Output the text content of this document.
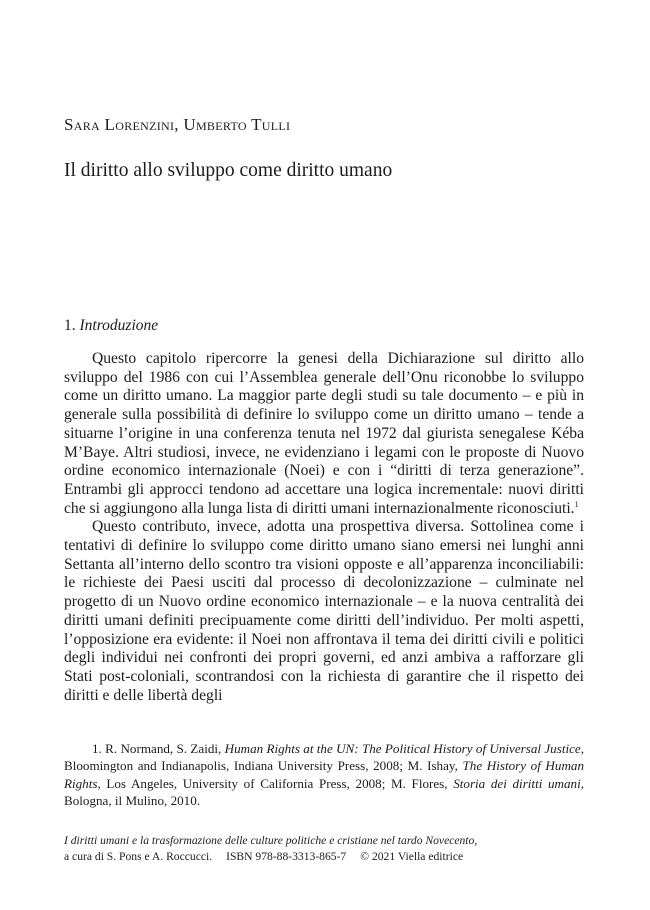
Sara Lorenzini, Umberto Tulli
Il diritto allo sviluppo come diritto umano
1. Introduzione

Questo capitolo ripercorre la genesi della Dichiarazione sul diritto allo sviluppo del 1986 con cui l’Assemblea generale dell’Onu riconobbe lo sviluppo come un diritto umano. La maggior parte degli studi su tale documento – e più in generale sulla possibilità di definire lo sviluppo come un diritto umano – tende a situarne l’origine in una conferenza tenuta nel 1972 dal giurista senegalese Kéba M’Baye. Altri studiosi, invece, ne evidenziano i legami con le proposte di Nuovo ordine economico internazionale (Noei) e con i “diritti di terza generazione”. Entrambi gli approcci tendono ad accettare una logica incrementale: nuovi diritti che si aggiungono alla lunga lista di diritti umani internazionalmente riconosciuti.$^1$

Questo contributo, invece, adotta una prospettiva diversa. Sottolinea come i tentativi di definire lo sviluppo come diritto umano siano emersi nei lunghi anni Settanta all’interno dello scontro tra visioni opposte e all’apparenza inconciliabili: le richieste dei Paesi usciti dal processo di decolonizzazione – culminate nel progetto di un Nuovo ordine economico internazionale – e la nuova centralità dei diritti umani definiti precipuamente come diritti dell’individuo. Per molti aspetti, l’opposizione era evidente: il Noei non affrontava il tema dei diritti civili e politici degli individui nei confronti dei propri governi, ed anzi ambiva a rafforzare gli Stati post-coloniali, scontrandosi con la richiesta di garantire che il rispetto dei diritti e delle libertà degli

1. R. Normand, S. Zaidi, Human Rights at the UN: The Political History of Universal Justice, Bloomington and Indianapolis, Indiana University Press, 2008; M. Ishay, The History of Human Rights, Los Angeles, University of California Press, 2008; M. Flores, Storia dei diritti umani, Bologna, il Mulino, 2010.

I diritti umani e la trasformazione delle culture politiche e cristiane nel tardo Novecento,
a cura di S. Pons e A. Roccucci. ISBN 978-88-3313-865-7 © 2021 Viella editrice
